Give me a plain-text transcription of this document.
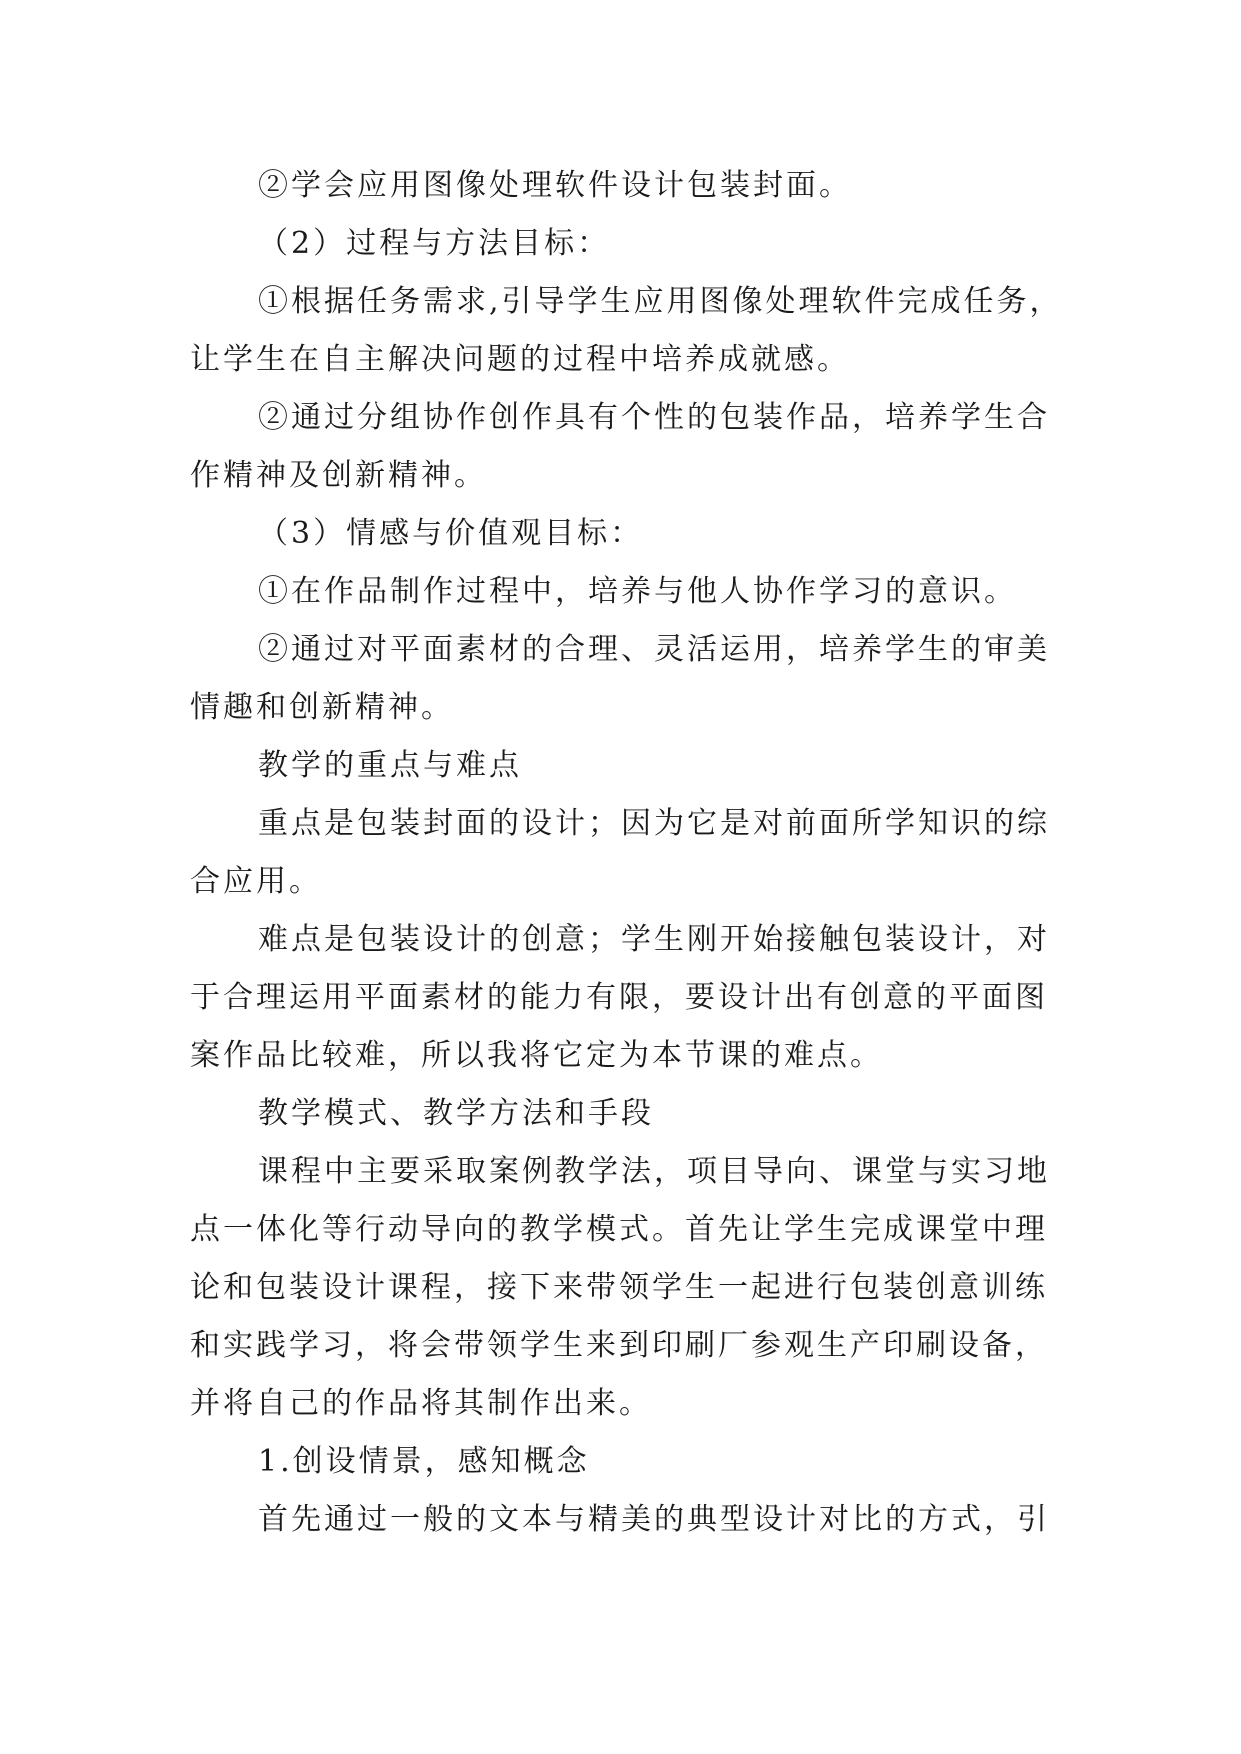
②学会应用图像处理软件设计包装封面。
（2）过程与方法目标：
①根据任务需求,引导学生应用图像处理软件完成任务，
让学生在自主解决问题的过程中培养成就感。
②通过分组协作创作具有个性的包装作品，培养学生合
作精神及创新精神。
（3）情感与价值观目标：
①在作品制作过程中，培养与他人协作学习的意识。
②通过对平面素材的合理、灵活运用，培养学生的审美
情趣和创新精神。
教学的重点与难点
重点是包装封面的设计；因为它是对前面所学知识的综
合应用。
难点是包装设计的创意；学生刚开始接触包装设计，对
于合理运用平面素材的能力有限，要设计出有创意的平面图
案作品比较难，所以我将它定为本节课的难点。
教学模式、教学方法和手段
课程中主要采取案例教学法，项目导向、课堂与实习地
点一体化等行动导向的教学模式。首先让学生完成课堂中理
论和包装设计课程，接下来带领学生一起进行包装创意训练
和实践学习，将会带领学生来到印刷厂参观生产印刷设备，
并将自己的作品将其制作出来。
1.创设情景，感知概念
首先通过一般的文本与精美的典型设计对比的方式，引
